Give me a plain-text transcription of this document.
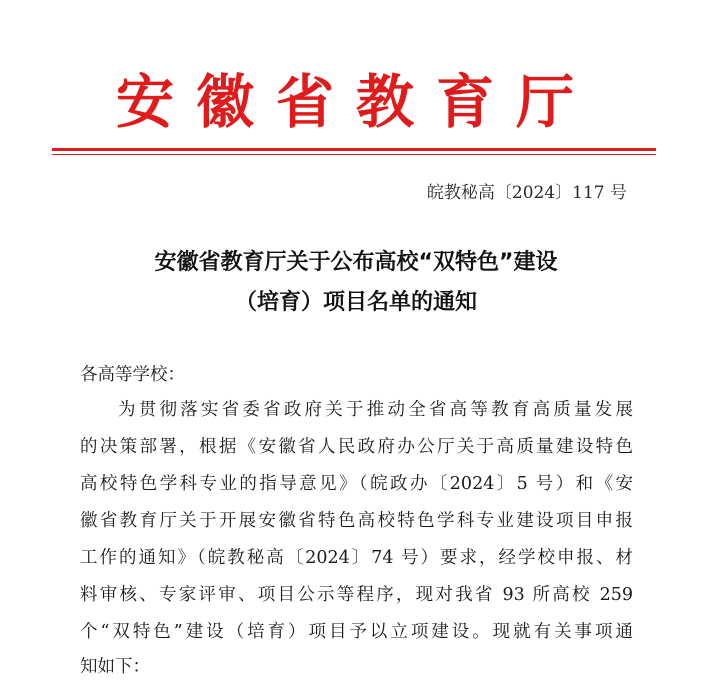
安徽省教育厅
皖教秘高〔2024〕117 号
安徽省教育厅关于公布高校“双特色”建设
（培育）项目名单的通知
各高等学校：
为贯彻落实省委省政府关于推动全省高等教育高质量发展
的决策部署，根据《安徽省人民政府办公厅关于高质量建设特色
高校特色学科专业的指导意见》（皖政办〔2024〕5 号）和《安
徽省教育厅关于开展安徽省特色高校特色学科专业建设项目申报
工作的通知》（皖教秘高〔2024〕74 号）要求，经学校申报、材
料审核、专家评审、项目公示等程序，现对我省 93 所高校 259
个“双特色”建设（培育）项目予以立项建设。现就有关事项通
知如下：
